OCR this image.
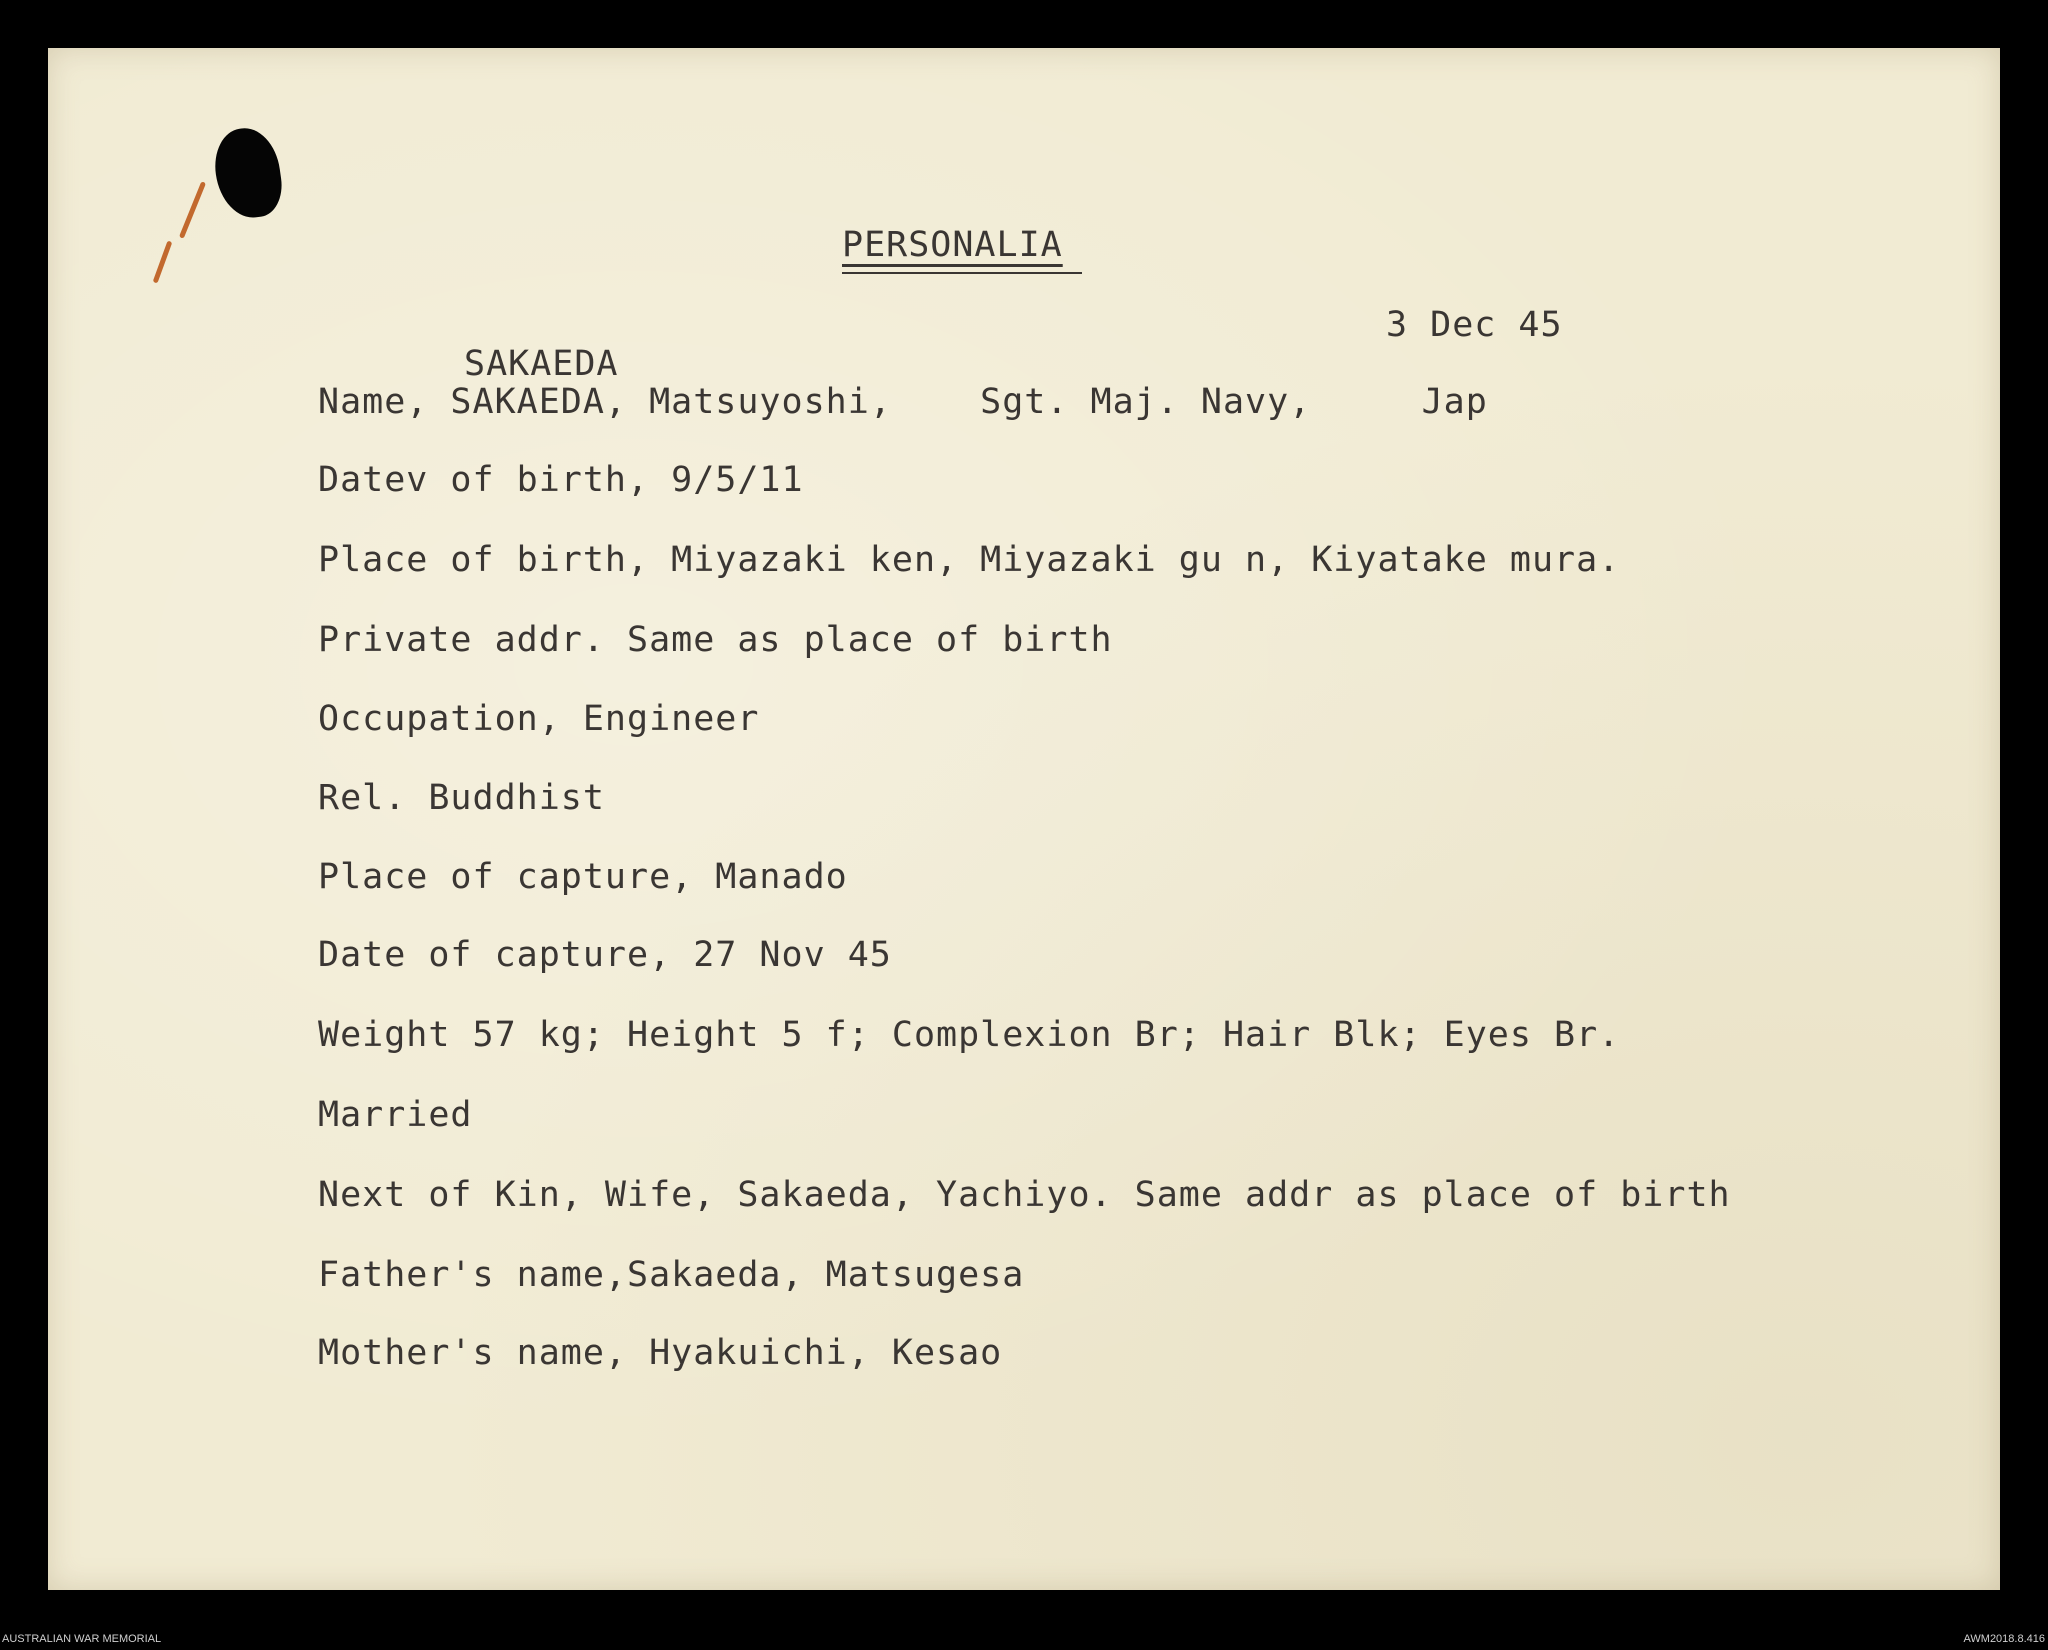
PERSONALIA
3 Dec 45
SAKAEDA
Name, SAKAEDA, Matsuyoshi,    Sgt. Maj. Navy,     Jap
Datev of birth, 9/5/11
Place of birth, Miyazaki ken, Miyazaki gu n, Kiyatake mura.
Private addr. Same as place of birth
Occupation, Engineer
Rel. Buddhist
Place of capture, Manado
Date of capture, 27 Nov 45
Weight 57 kg; Height 5 f; Complexion Br; Hair Blk; Eyes Br.
Married
Next of Kin, Wife, Sakaeda, Yachiyo. Same addr as place of birth
Father's name,Sakaeda, Matsugesa
Mother's name, Hyakuichi, Kesao
AUSTRALIAN WAR MEMORIAL	AWM2018.8.416
